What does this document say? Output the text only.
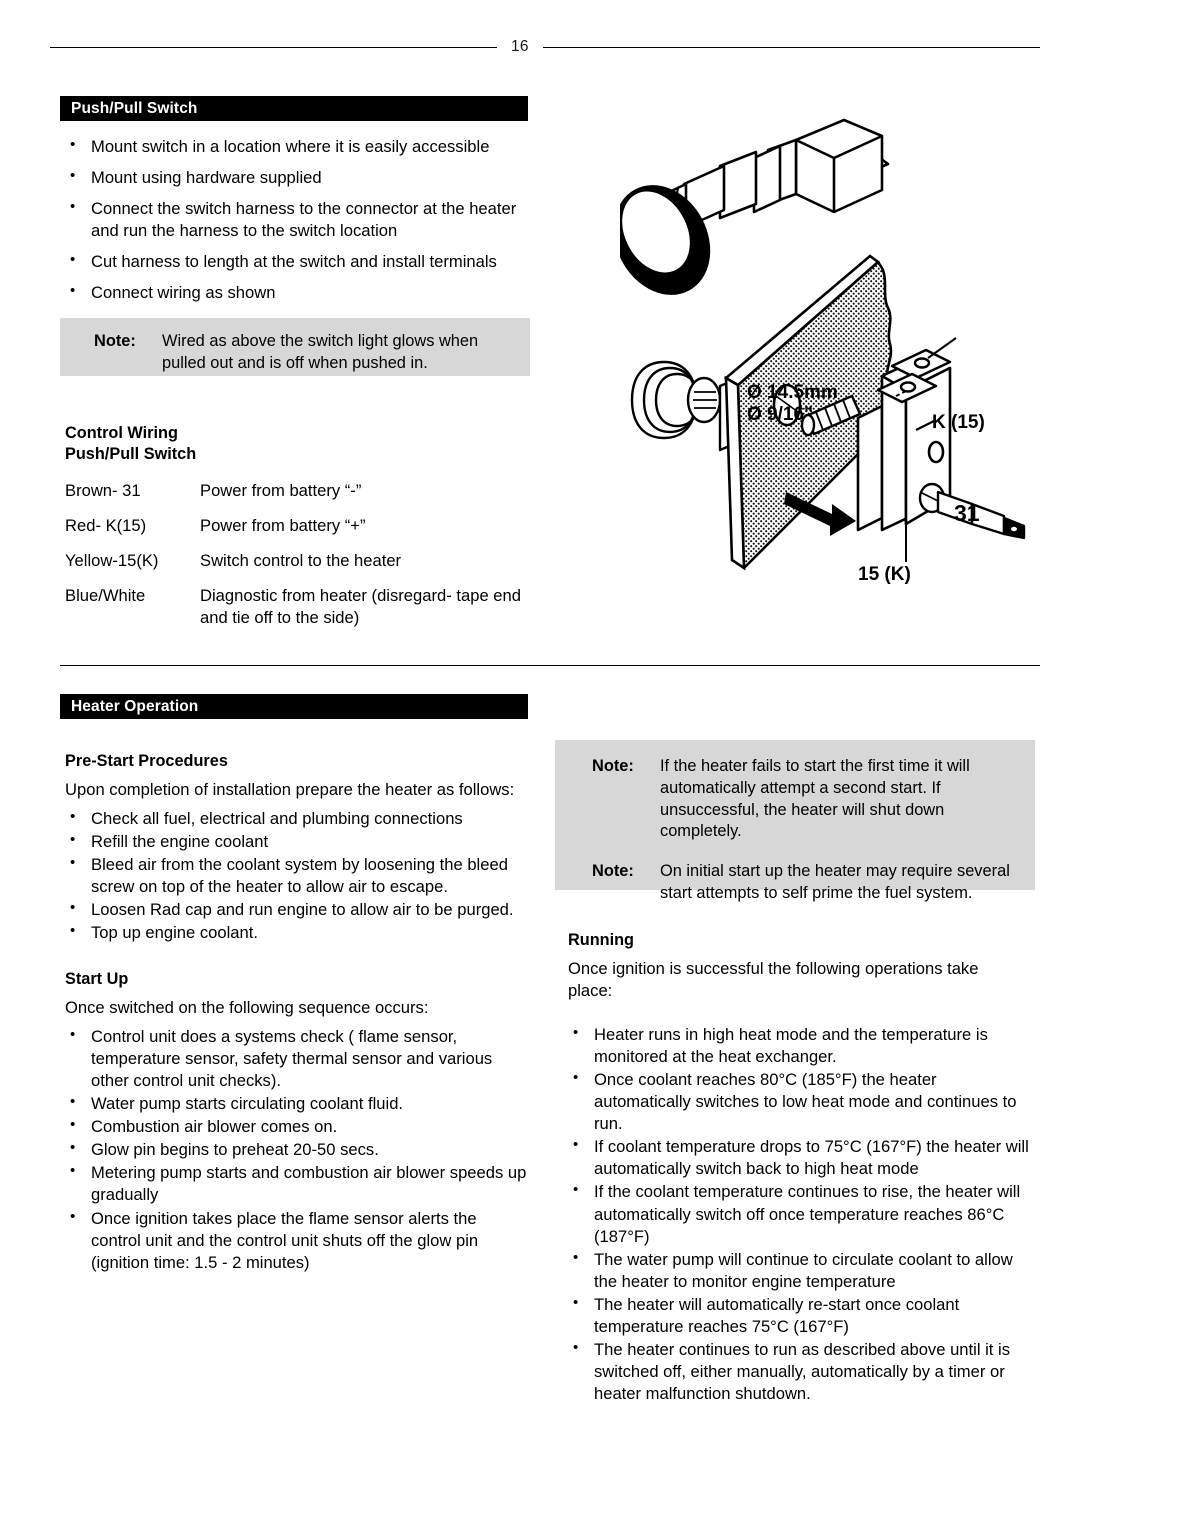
16
Push/Pull Switch
• Mount switch in a location where it is easily accessible
• Mount using hardware supplied
• Connect the switch harness to the connector at the heater and run the harness to the switch location
• Cut harness to length at the switch and install terminals
• Connect wiring as shown
Note:	Wired as above the switch light glows when pulled out and is off when pushed in.
Control Wiring
Push/Pull Switch
Brown- 31	Power from battery “-”
Red- K(15)	Power from battery “+”
Yellow-15(K)	Switch control to the heater
Blue/White	Diagnostic from heater (disregard- tape end and tie off to the side)
Ø 14.5mm
Ø 9/16"	K (15)
31
15 (K)
Heater Operation
Pre-Start Procedures
Upon completion of installation prepare the heater as follows:
• Check all fuel, electrical and plumbing connections
• Refill the engine coolant
• Bleed air from the coolant system by loosening the bleed screw on top of the heater to allow air to escape.
• Loosen Rad cap and run engine to allow air to be purged.
• Top up engine coolant.
Start Up
Once switched on the following sequence occurs:
• Control unit does a systems check ( flame sensor, temperature sensor, safety thermal sensor and various other control unit checks).
• Water pump starts circulating coolant fluid.
• Combustion air blower comes on.
• Glow pin begins to preheat 20-50 secs.
• Metering pump starts and combustion air blower speeds up gradually
• Once ignition takes place the flame sensor alerts the control unit and the control unit shuts off the glow pin (ignition time: 1.5 - 2 minutes)
Note:	If the heater fails to start the first time it will automatically attempt a second start. If unsuccessful, the heater will shut down completely.
Note:	On initial start up the heater may require several start attempts to self prime the fuel system.
Running
Once ignition is successful the following operations take place:
• Heater runs in high heat mode and the temperature is monitored at the heat exchanger.
• Once coolant reaches 80°C (185°F) the heater automatically switches to low heat mode and continues to run.
• If coolant temperature drops to 75°C (167°F) the heater will automatically switch back to high heat mode
• If the coolant temperature continues to rise, the heater will automatically switch off once temperature reaches 86°C (187°F)
• The water pump will continue to circulate coolant to allow the heater to monitor engine temperature
• The heater will automatically re-start once coolant temperature reaches 75°C (167°F)
• The heater continues to run as described above until it is switched off, either manually, automatically by a timer or heater malfunction shutdown.
